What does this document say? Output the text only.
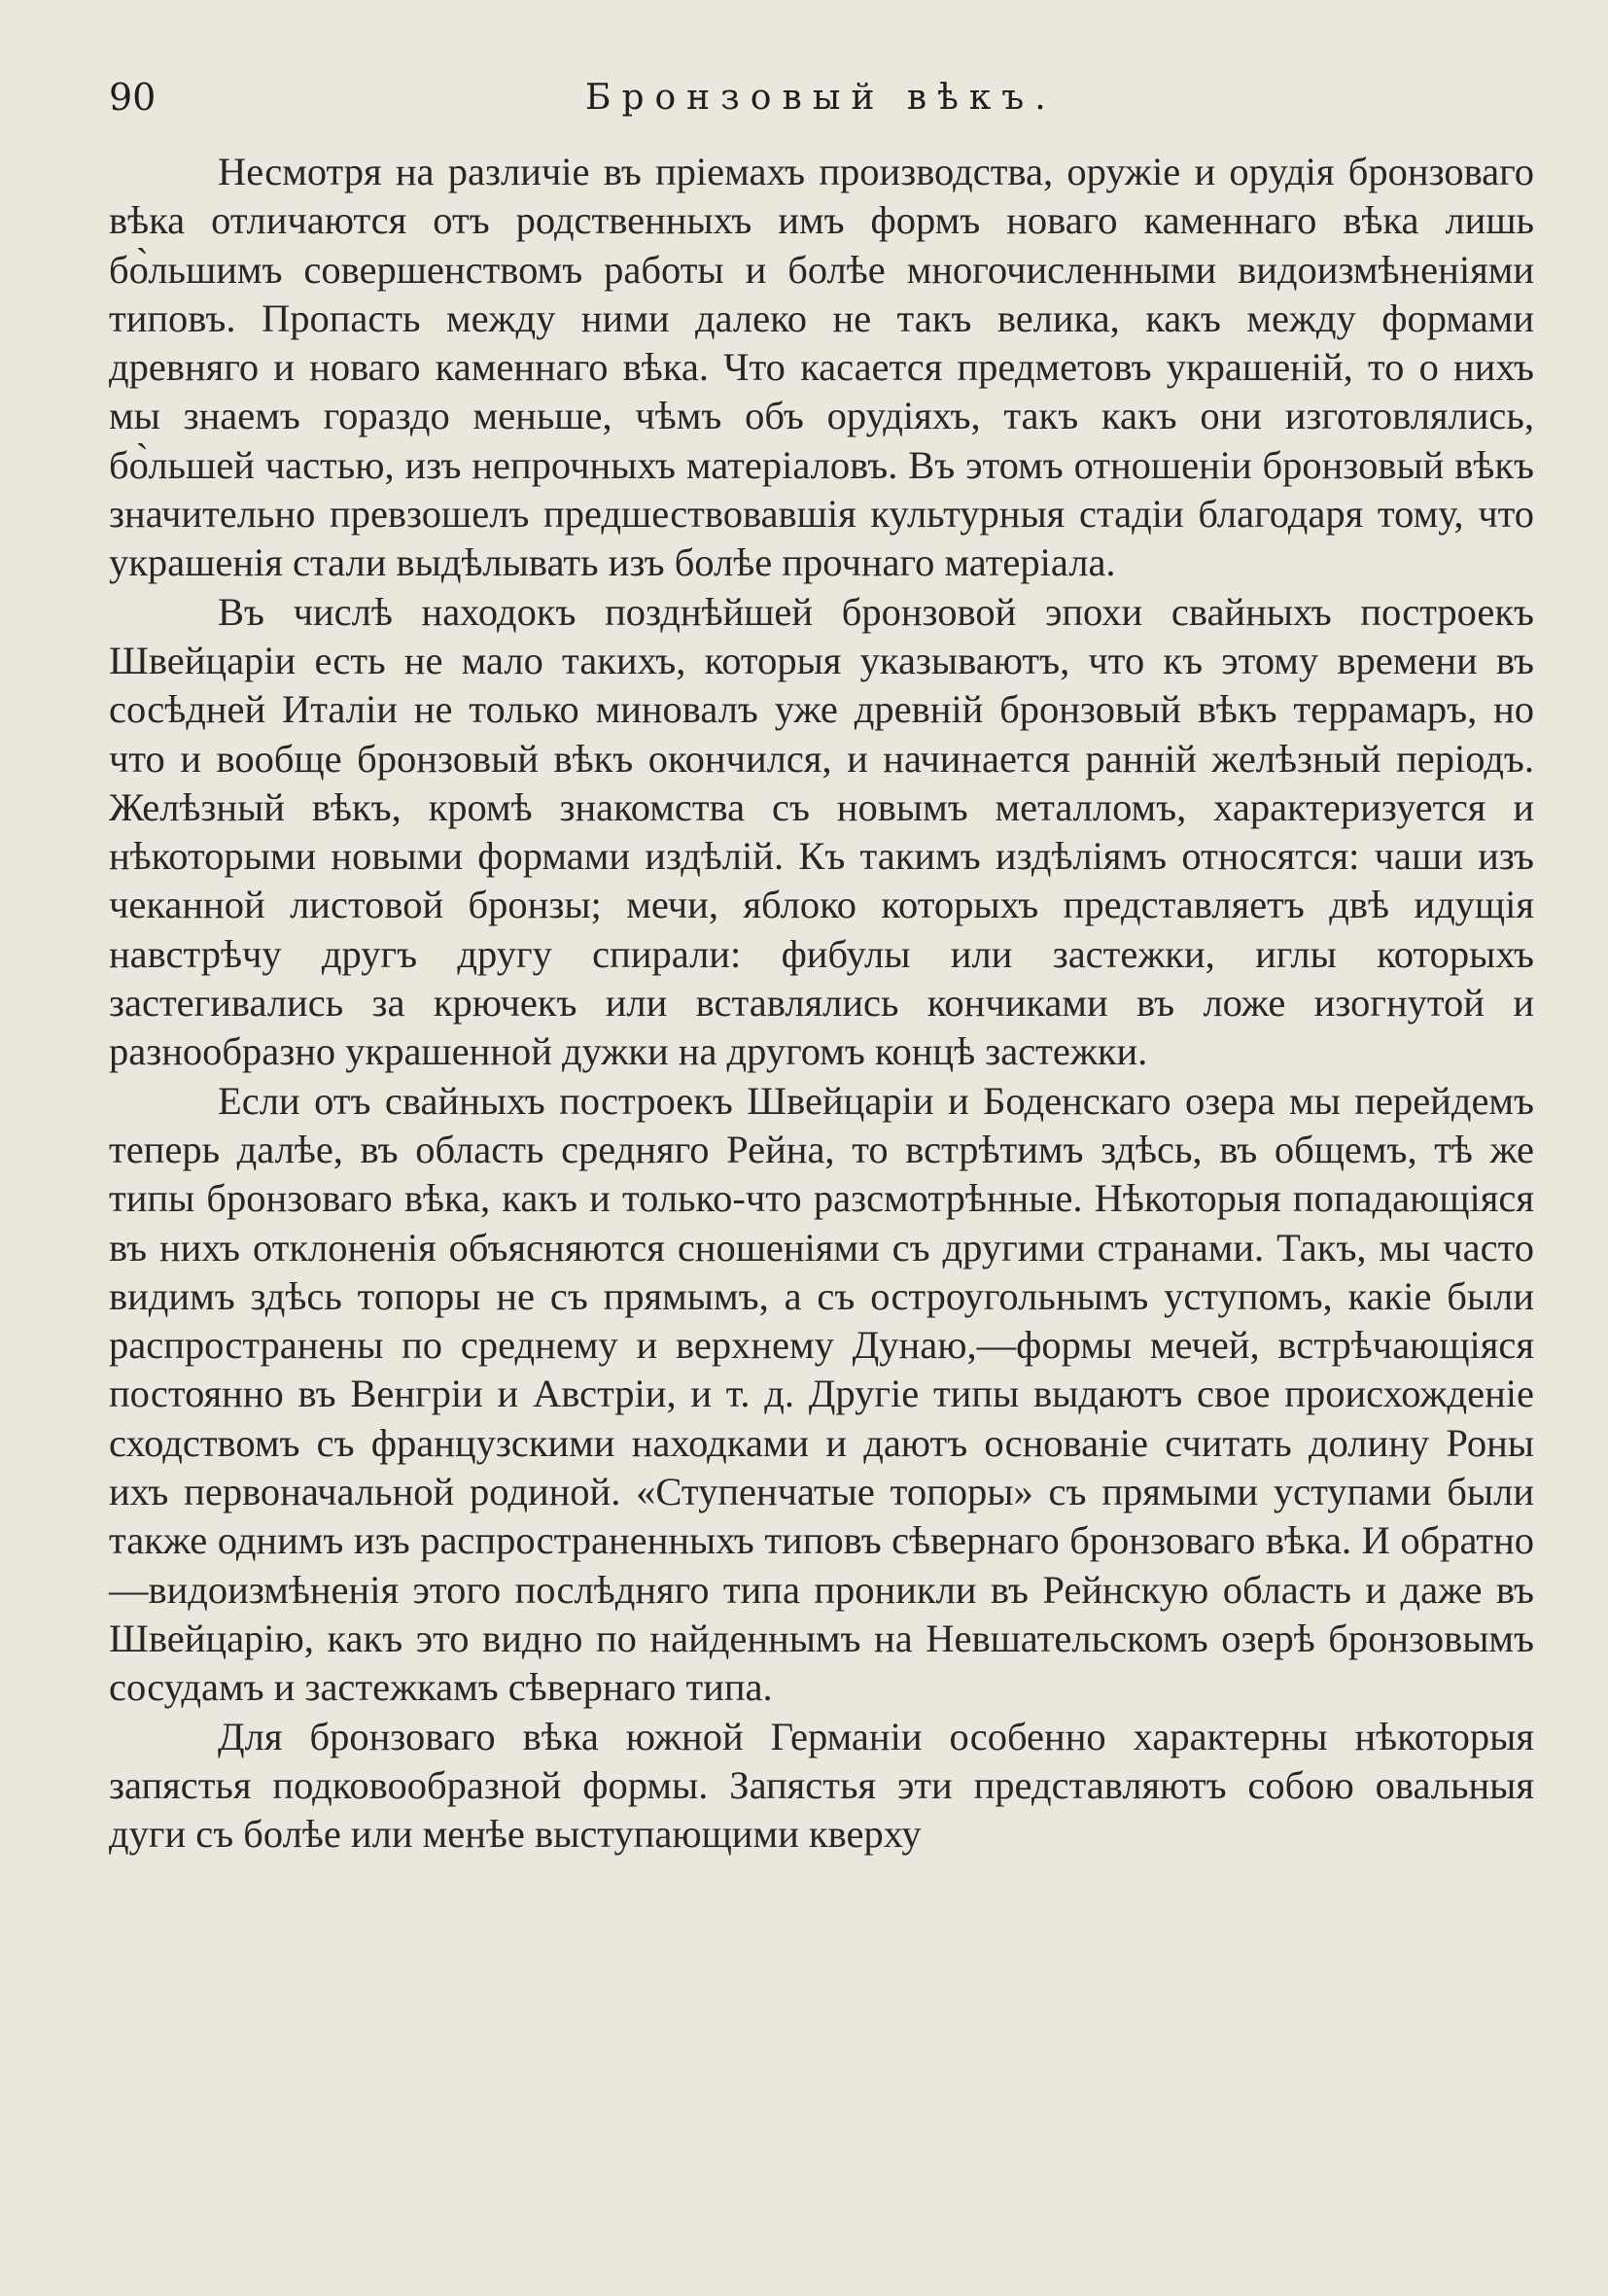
90	Бронзовый вѣкъ.

Несмотря на различіе въ пріемахъ производства, оружіе и орудія бронзоваго вѣка отличаются отъ родственныхъ имъ формъ новаго каменнаго вѣка лишь бо̀льшимъ совершенствомъ работы и болѣе многочисленными видоизмѣненіями типовъ. Пропасть между ними далеко не такъ велика, какъ между формами древняго и новаго каменнаго вѣка. Что касается предметовъ украшеній, то о нихъ мы знаемъ гораздо меньше, чѣмъ объ орудіяхъ, такъ какъ они изготовлялись, бо̀льшей частью, изъ непрочныхъ матеріаловъ. Въ этомъ отношеніи бронзовый вѣкъ значительно превзошелъ предшествовавшія культурныя стадіи благодаря тому, что украшенія стали выдѣлывать изъ болѣе прочнаго матеріала.

Въ числѣ находокъ позднѣйшей бронзовой эпохи свайныхъ построекъ Швейцаріи есть не мало такихъ, которыя указываютъ, что къ этому времени въ сосѣдней Италіи не только миновалъ уже древній бронзовый вѣкъ террамаръ, но что и вообще бронзовый вѣкъ окончился, и начинается ранній желѣзный періодъ. Желѣзный вѣкъ, кромѣ знакомства съ новымъ металломъ, характеризуется и нѣкоторыми новыми формами издѣлій. Къ такимъ издѣліямъ относятся: чаши изъ чеканной листовой бронзы; мечи, яблоко которыхъ представляетъ двѣ идущія навстрѣчу другъ другу спирали: фибулы или застежки, иглы которыхъ застегивались за крючекъ или вставлялись кончиками въ ложе изогнутой и разнообразно украшенной дужки на другомъ концѣ застежки.

Если отъ свайныхъ построекъ Швейцаріи и Боденскаго озера мы перейдемъ теперь далѣе, въ область средняго Рейна, то встрѣтимъ здѣсь, въ общемъ, тѣ же типы бронзоваго вѣка, какъ и только-что разсмотрѣнные. Нѣкоторыя попадающіяся въ нихъ отклоненія объясняются сношеніями съ другими странами. Такъ, мы часто видимъ здѣсь топоры не съ прямымъ, а съ остроугольнымъ уступомъ, какіе были распространены по среднему и верхнему Дунаю,—формы мечей, встрѣчающіяся постоянно въ Венгріи и Австріи, и т. д. Другіе типы выдаютъ свое происхожденіе сходствомъ съ французскими находками и даютъ основаніе считать долину Роны ихъ первоначальной родиной. «Ступенчатые топоры» съ прямыми уступами были также однимъ изъ распространенныхъ типовъ сѣвернаго бронзоваго вѣка. И обратно—видоизмѣненія этого послѣдняго типа проникли въ Рейнскую область и даже въ Швейцарію, какъ это видно по найденнымъ на Невшательскомъ озерѣ бронзовымъ сосудамъ и застежкамъ сѣвернаго типа.

Для бронзоваго вѣка южной Германіи особенно характерны нѣкоторыя запястья подковообразной формы. Запястья эти представляютъ собою овальныя дуги съ болѣе или менѣе выступающими кверху
